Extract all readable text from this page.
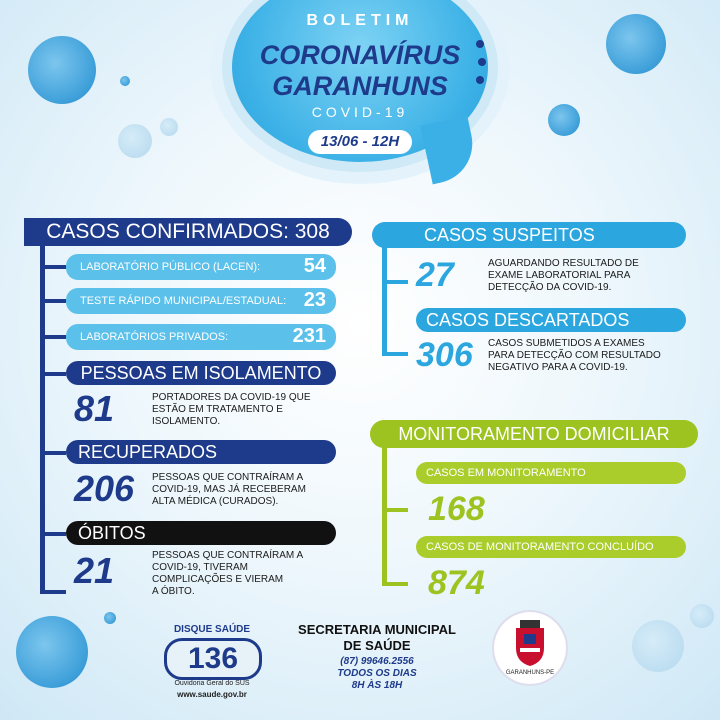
BOLETIM
CORONAVÍRUS
GARANHUNS
COVID-19
13/06 - 12H
CASOS CONFIRMADOS: 308
LABORATÓRIO PÚBLICO (LACEN): 54
TESTE RÁPIDO MUNICIPAL/ESTADUAL: 23
LABORATÓRIOS PRIVADOS:	231
PESSOAS EM ISOLAMENTO
81	PORTADORES DA COVID-19 QUE
ESTÃO EM TRATAMENTO E
ISOLAMENTO.
RECUPERADOS
206 PESSOAS QUE CONTRAÍRAM A
COVID-19, MAS JÁ RECEBERAM
ALTA MÉDICA (CURADOS).
ÓBITOS
21	PESSOAS QUE CONTRAÍRAM A
COVID-19, TIVERAM
COMPLICAÇÕES E VIERAM
A ÓBITO.
CASOS SUSPEITOS
27	AGUARDANDO RESULTADO DE
EXAME LABORATORIAL PARA
DETECÇÃO DA COVID-19.
CASOS DESCARTADOS
306 CASOS SUBMETIDOS A EXAMES
PARA DETECÇÃO COM RESULTADO
NEGATIVO PARA A COVID-19.
MONITORAMENTO DOMICILIAR
CASOS EM MONITORAMENTO
168
CASOS DE MONITORAMENTO CONCLUÍDO
874
DISQUE SAÚDE
136
Ouvidoria Geral do SUS
www.saude.gov.br
SECRETARIA MUNICIPAL
DE SAÚDE
(87) 99646.2556
TODOS OS DIAS
8H ÀS 18H
GARANHUNS-PE
